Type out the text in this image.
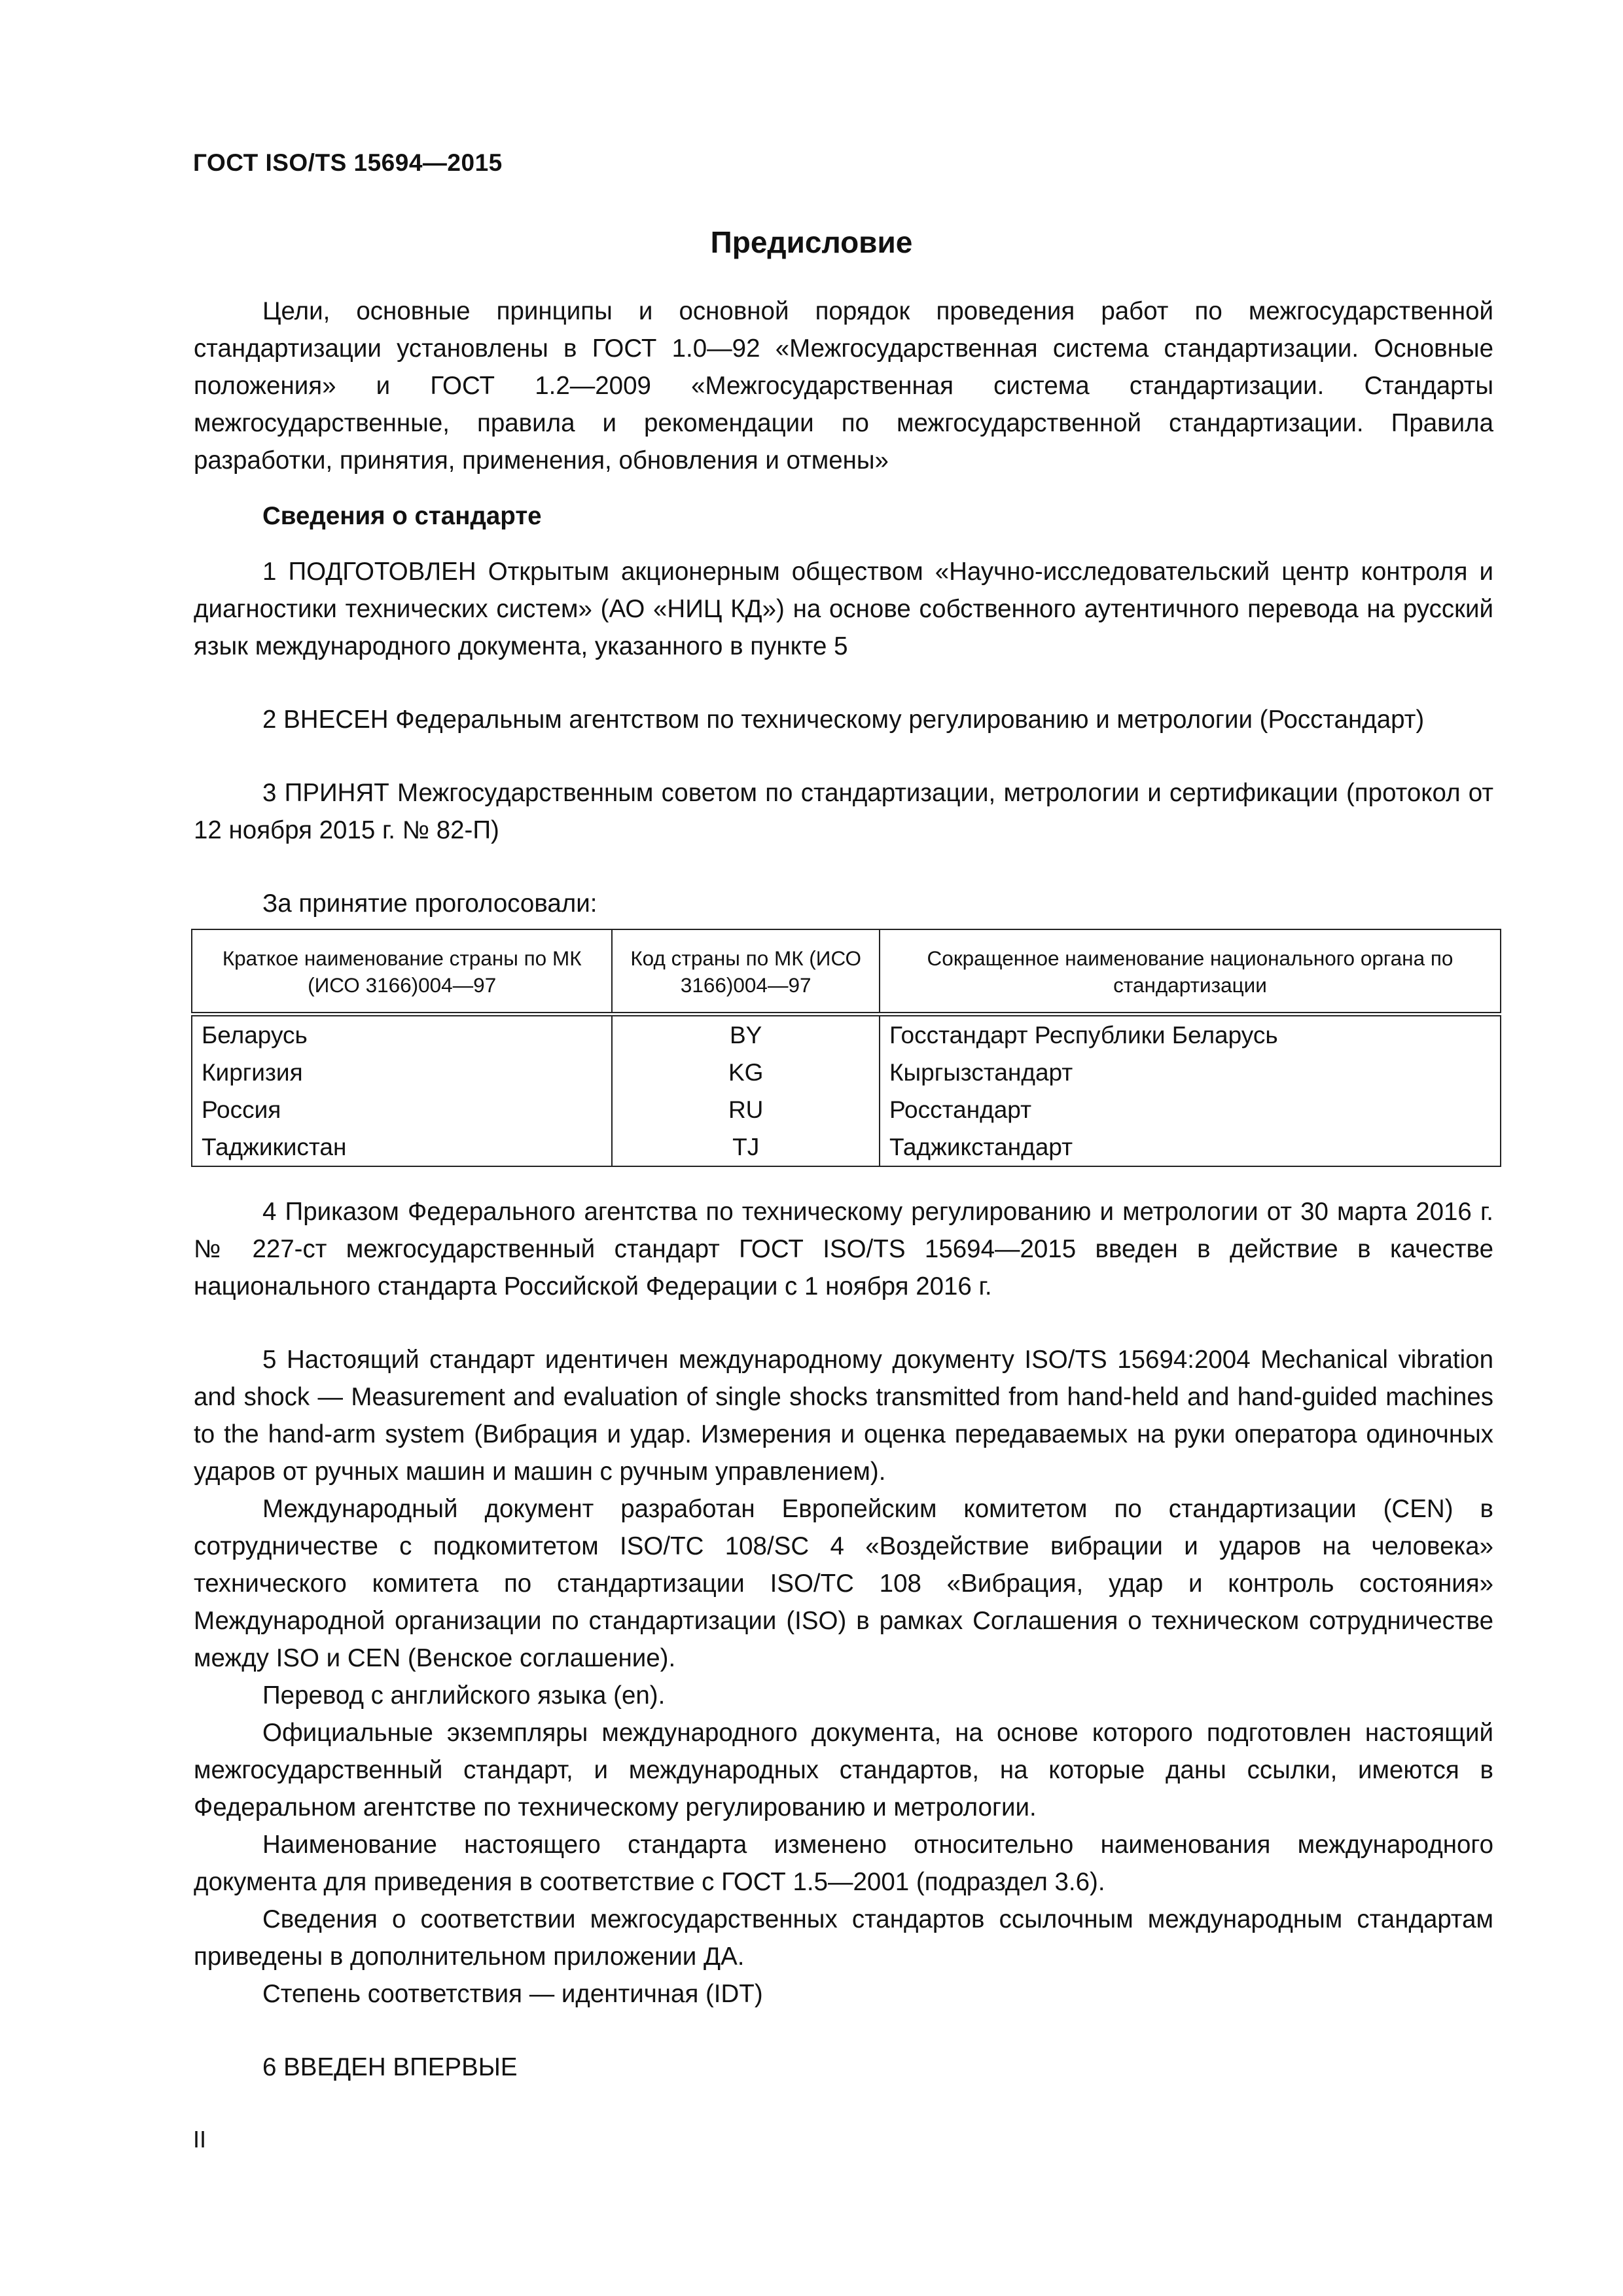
ГОСТ ISO/TS 15694—2015
Предисловие

Цели, основные принципы и основной порядок проведения работ по межгосударственной стандартизации установлены в ГОСТ 1.0—92 «Межгосударственная система стандартизации. Основные положения» и ГОСТ 1.2—2009 «Межгосударственная система стандартизации. Стандарты межгосударственные, правила и рекомендации по межгосударственной стандартизации. Правила разработки, принятия, применения, обновления и отмены»

Сведения о стандарте

1 ПОДГОТОВЛЕН Открытым акционерным обществом «Научно-исследовательский центр контроля и диагностики технических систем» (АО «НИЦ КД») на основе собственного аутентичного перевода на русский язык международного документа, указанного в пункте 5

2 ВНЕСЕН Федеральным агентством по техническому регулированию и метрологии (Росстандарт)

3 ПРИНЯТ Межгосударственным советом по стандартизации, метрологии и сертификации (протокол от 12 ноября 2015 г. № 82-П)

За принятие проголосовали:

Краткое наименование страны по МК (ИСО 3166)004—97	Код страны по МК (ИСО 3166)004—97	Сокращенное наименование национального органа по стандартизации
Беларусь	BY	Госстандарт Республики Беларусь
Киргизия	KG	Кыргызстандарт
Россия	RU	Росстандарт
Таджикистан	TJ	Таджикстандарт

4 Приказом Федерального агентства по техническому регулированию и метрологии от 30 марта 2016 г. № 227-ст межгосударственный стандарт ГОСТ ISO/TS 15694—2015 введен в действие в качестве национального стандарта Российской Федерации с 1 ноября 2016 г.

5 Настоящий стандарт идентичен международному документу ISO/TS 15694:2004 Mechanical vibration and shock — Measurement and evaluation of single shocks transmitted from hand-held and hand-guided machines to the hand-arm system (Вибрация и удар. Измерения и оценка передаваемых на руки оператора одиночных ударов от ручных машин и машин с ручным управлением).

Международный документ разработан Европейским комитетом по стандартизации (CEN) в сотрудничестве с подкомитетом ISO/TC 108/SC 4 «Воздействие вибрации и ударов на человека» технического комитета по стандартизации ISO/TC 108 «Вибрация, удар и контроль состояния» Международной организации по стандартизации (ISO) в рамках Соглашения о техническом сотрудничестве между ISO и CEN (Венское соглашение).

Перевод с английского языка (en).

Официальные экземпляры международного документа, на основе которого подготовлен настоящий межгосударственный стандарт, и международных стандартов, на которые даны ссылки, имеются в Федеральном агентстве по техническому регулированию и метрологии.

Наименование настоящего стандарта изменено относительно наименования международного документа для приведения в соответствие с ГОСТ 1.5—2001 (подраздел 3.6).

Сведения о соответствии межгосударственных стандартов ссылочным международным стандартам приведены в дополнительном приложении ДА.

Степень соответствия — идентичная (IDT)

6 ВВЕДЕН ВПЕРВЫЕ

II
